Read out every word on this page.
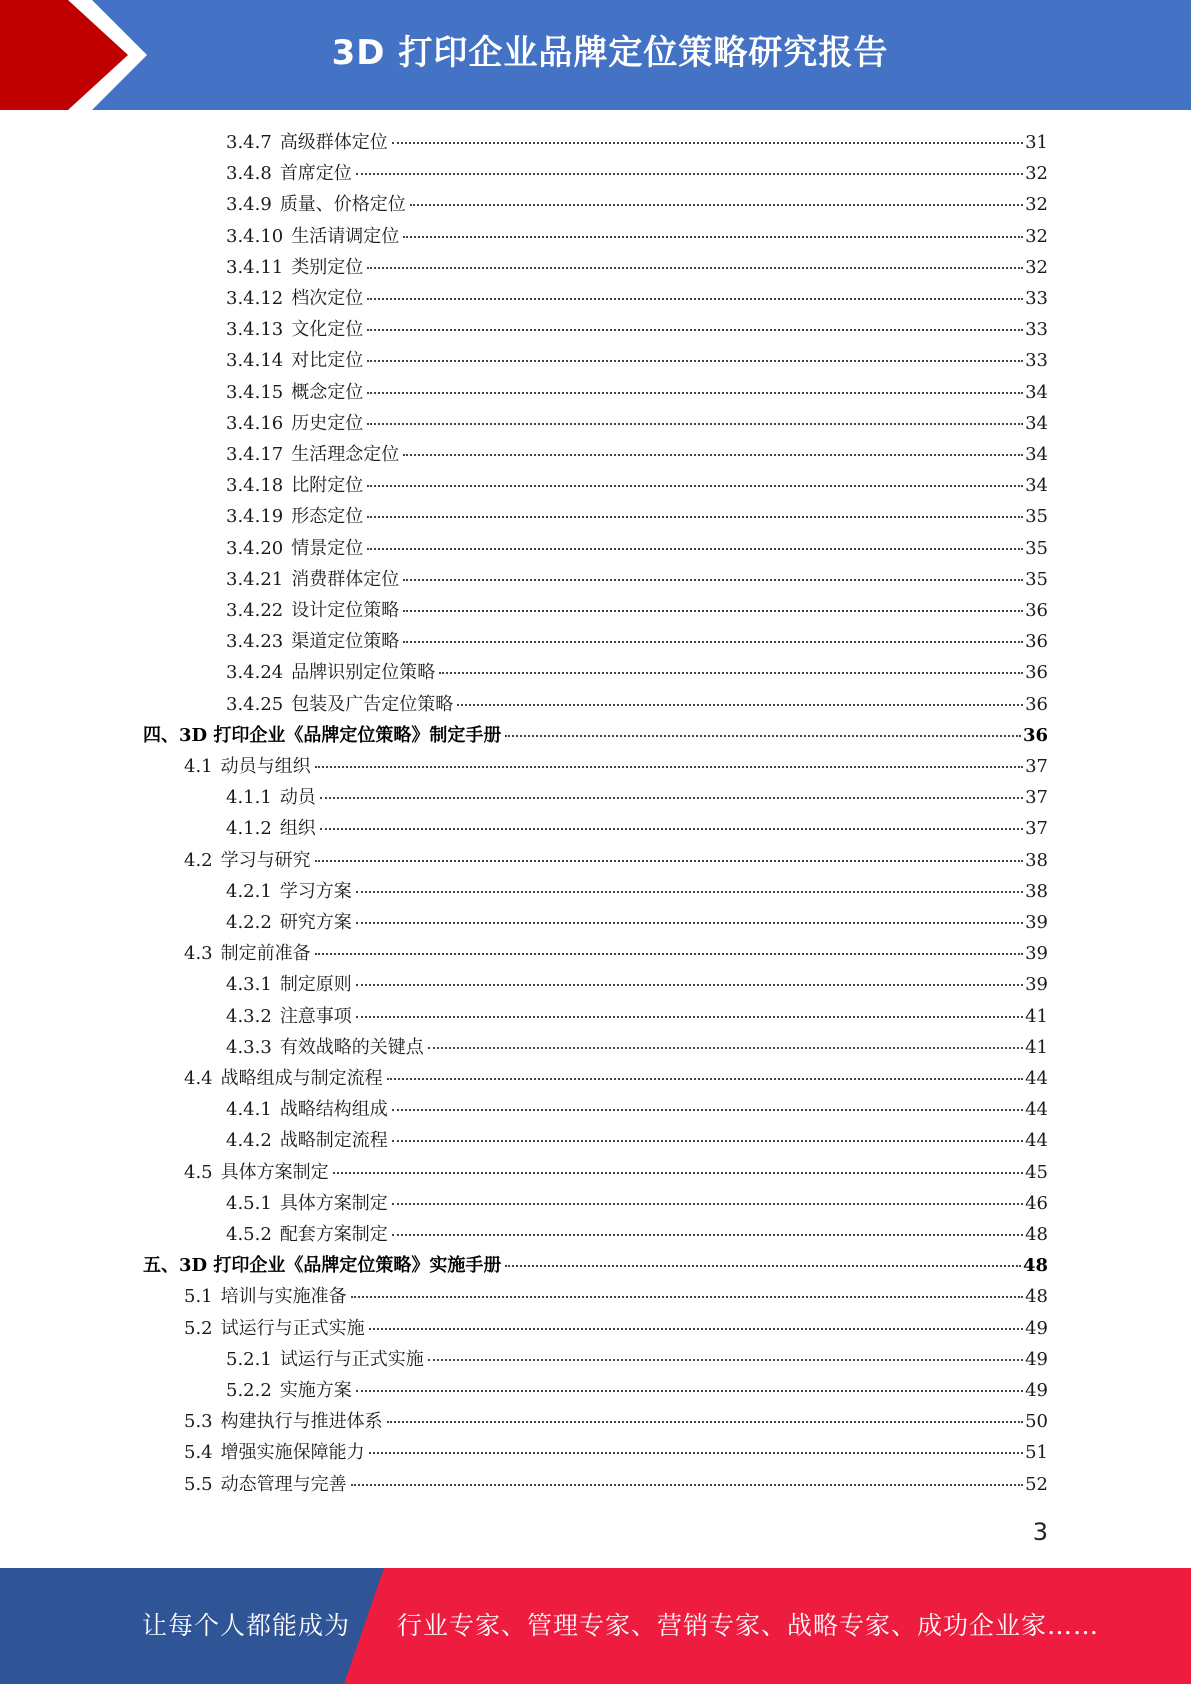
3D 打印企业品牌定位策略研究报告
3.4.7 高级群体定位	31
3.4.8 首席定位	32
3.4.9 质量、价格定位	32
3.4.10 生活请调定位	32
3.4.11 类别定位	32
3.4.12 档次定位	33
3.4.13 文化定位	33
3.4.14 对比定位	33
3.4.15 概念定位	34
3.4.16 历史定位	34
3.4.17 生活理念定位	34
3.4.18 比附定位	34
3.4.19 形态定位	35
3.4.20 情景定位	35
3.4.21 消费群体定位	35
3.4.22 设计定位策略	36
3.4.23 渠道定位策略	36
3.4.24 品牌识别定位策略	36
3.4.25 包装及广告定位策略	36
四、 3D 打印企业《品牌定位策略》制定手册	36
4.1 动员与组织	37
4.1.1 动员	37
4.1.2 组织	37
4.2 学习与研究	38
4.2.1 学习方案	38
4.2.2 研究方案	39
4.3 制定前准备	39
4.3.1 制定原则	39
4.3.2 注意事项	41
4.3.3 有效战略的关键点	41
4.4 战略组成与制定流程	44
4.4.1 战略结构组成	44
4.4.2 战略制定流程	44
4.5 具体方案制定	45
4.5.1 具体方案制定	46
4.5.2 配套方案制定	48
五、 3D 打印企业《品牌定位策略》实施手册	48
5.1 培训与实施准备	48
5.2 试运行与正式实施	49
5.2.1 试运行与正式实施	49
5.2.2 实施方案	49
5.3 构建执行与推进体系	50
5.4 增强实施保障能力	51
5.5 动态管理与完善	52
3
让每个人都能成为 行业专家、管理专家、营销专家、战略专家、成功企业家……
